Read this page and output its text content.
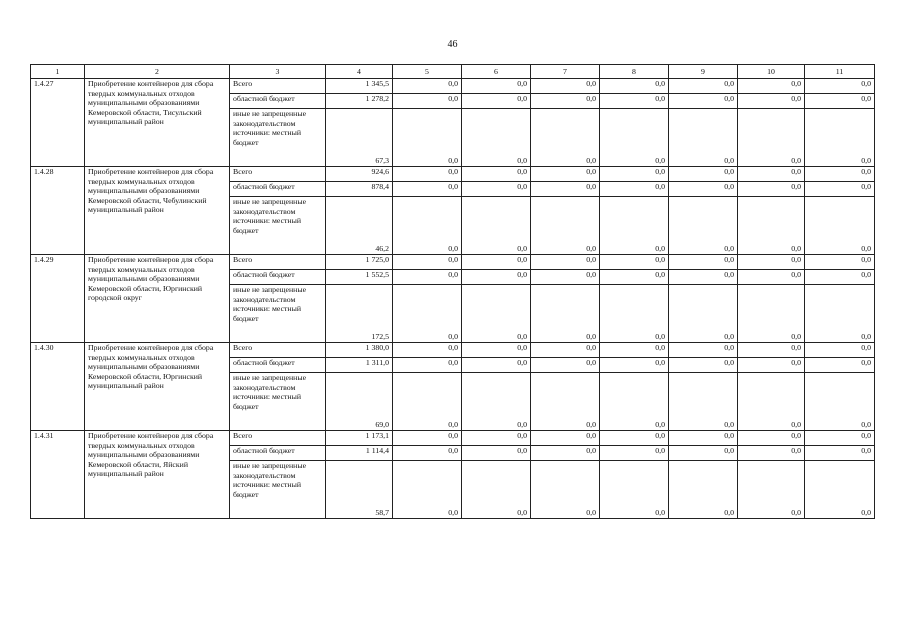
46
1	2	3	4	5	6	7	8	9	10	11
1.4.27	Приобретение контейнеров для сбора твердых коммунальных отходов муниципальными образованиями Кемеровской области, Тисульский муниципальный район	Всего	1 345,5	0,0	0,0	0,0	0,0	0,0	0,0	0,0
		областной бюджет	1 278,2	0,0	0,0	0,0	0,0	0,0	0,0	0,0
		иные не запрещенные законодательством источники: местный бюджет	67,3	0,0	0,0	0,0	0,0	0,0	0,0	0,0
1.4.28	Приобретение контейнеров для сбора твердых коммунальных отходов муниципальными образованиями Кемеровской области, Чебулинский муниципальный район	Всего	924,6	0,0	0,0	0,0	0,0	0,0	0,0	0,0
		областной бюджет	878,4	0,0	0,0	0,0	0,0	0,0	0,0	0,0
		иные не запрещенные законодательством источники: местный бюджет	46,2	0,0	0,0	0,0	0,0	0,0	0,0	0,0
1.4.29	Приобретение контейнеров для сбора твердых коммунальных отходов муниципальными образованиями Кемеровской области, Юргинский городской округ	Всего	1 725,0	0,0	0,0	0,0	0,0	0,0	0,0	0,0
		областной бюджет	1 552,5	0,0	0,0	0,0	0,0	0,0	0,0	0,0
		иные не запрещенные законодательством источники: местный бюджет	172,5	0,0	0,0	0,0	0,0	0,0	0,0	0,0
1.4.30	Приобретение контейнеров для сбора твердых коммунальных отходов муниципальными образованиями Кемеровской области, Юргинский муниципальный район	Всего	1 380,0	0,0	0,0	0,0	0,0	0,0	0,0	0,0
		областной бюджет	1 311,0	0,0	0,0	0,0	0,0	0,0	0,0	0,0
		иные не запрещенные законодательством источники: местный бюджет	69,0	0,0	0,0	0,0	0,0	0,0	0,0	0,0
1.4.31	Приобретение контейнеров для сбора твердых коммунальных отходов муниципальными образованиями Кемеровской области, Яйский муниципальный район	Всего	1 173,1	0,0	0,0	0,0	0,0	0,0	0,0	0,0
		областной бюджет	1 114,4	0,0	0,0	0,0	0,0	0,0	0,0	0,0
		иные не запрещенные законодательством источники: местный бюджет	58,7	0,0	0,0	0,0	0,0	0,0	0,0	0,0
